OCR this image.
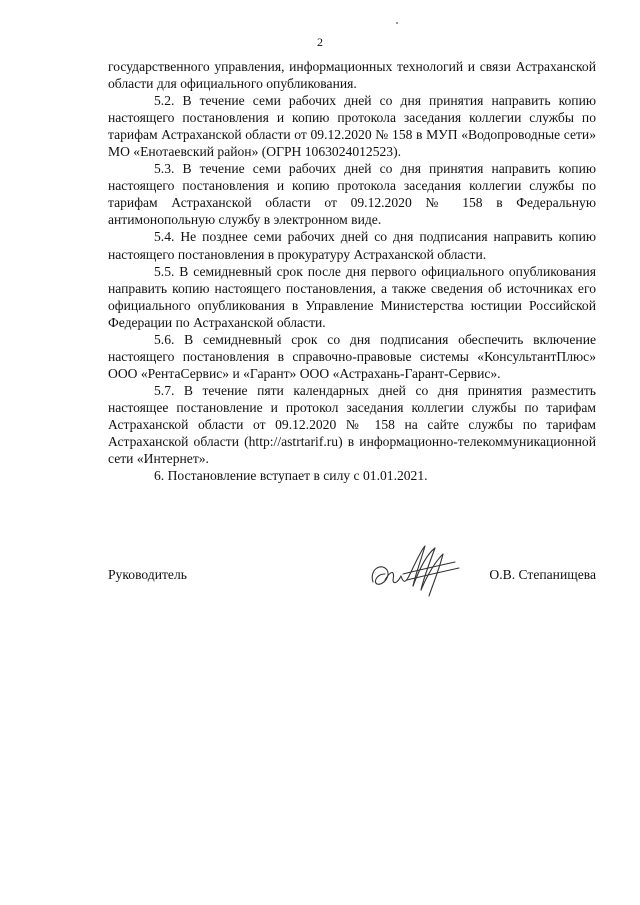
2

государственного управления, информационных технологий и связи Астраханской области для официального опубликования.

5.2. В течение семи рабочих дней со дня принятия направить копию настоящего постановления и копию протокола заседания коллегии службы по тарифам Астраханской области от 09.12.2020 № 158 в МУП «Водопроводные сети» МО «Енотаевский район» (ОГРН 1063024012523).

5.3. В течение семи рабочих дней со дня принятия направить копию настоящего постановления и копию протокола заседания коллегии службы по тарифам Астраханской области от 09.12.2020 № 158 в Федеральную антимонопольную службу в электронном виде.

5.4. Не позднее семи рабочих дней со дня подписания направить копию настоящего постановления в прокуратуру Астраханской области.

5.5. В семидневный срок после дня первого официального опубликования направить копию настоящего постановления, а также сведения об источниках его официального опубликования в Управление Министерства юстиции Российской Федерации по Астраханской области.

5.6. В семидневный срок со дня подписания обеспечить включение настоящего постановления в справочно-правовые системы «КонсультантПлюс» ООО «РентаСервис» и «Гарант» ООО «Астрахань-Гарант-Сервис».

5.7. В течение пяти календарных дней со дня принятия разместить настоящее постановление и протокол заседания коллегии службы по тарифам Астраханской области от 09.12.2020 № 158 на сайте службы по тарифам Астраханской области (http://astrtarif.ru) в информационно-телекоммуникационной сети «Интернет».

6. Постановление вступает в силу с 01.01.2021.

Руководитель	О.В. Степанищева
